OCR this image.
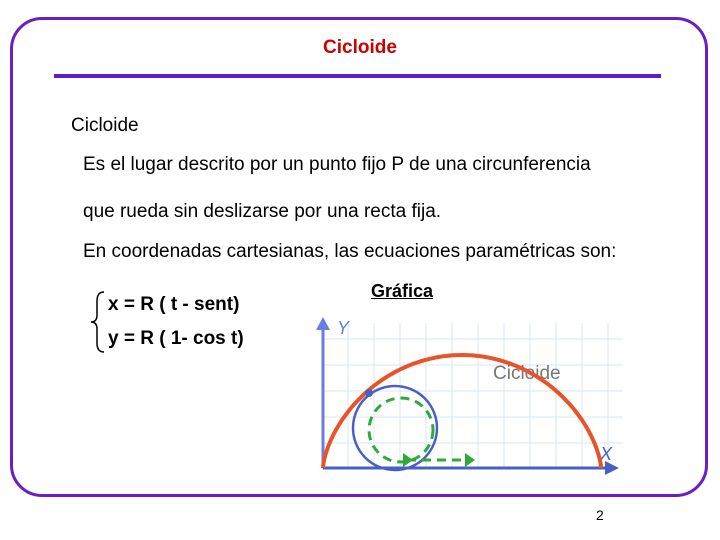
Cicloide
Cicloide
Es el lugar descrito por un punto fijo P de una circunferencia
que rueda sin deslizarse por una recta fija.
En coordenadas cartesianas, las ecuaciones paramétricas son:
x = R ( t - sent)
y = R ( 1- cos t)
Gráfica
Y
X
Cicloide
2
